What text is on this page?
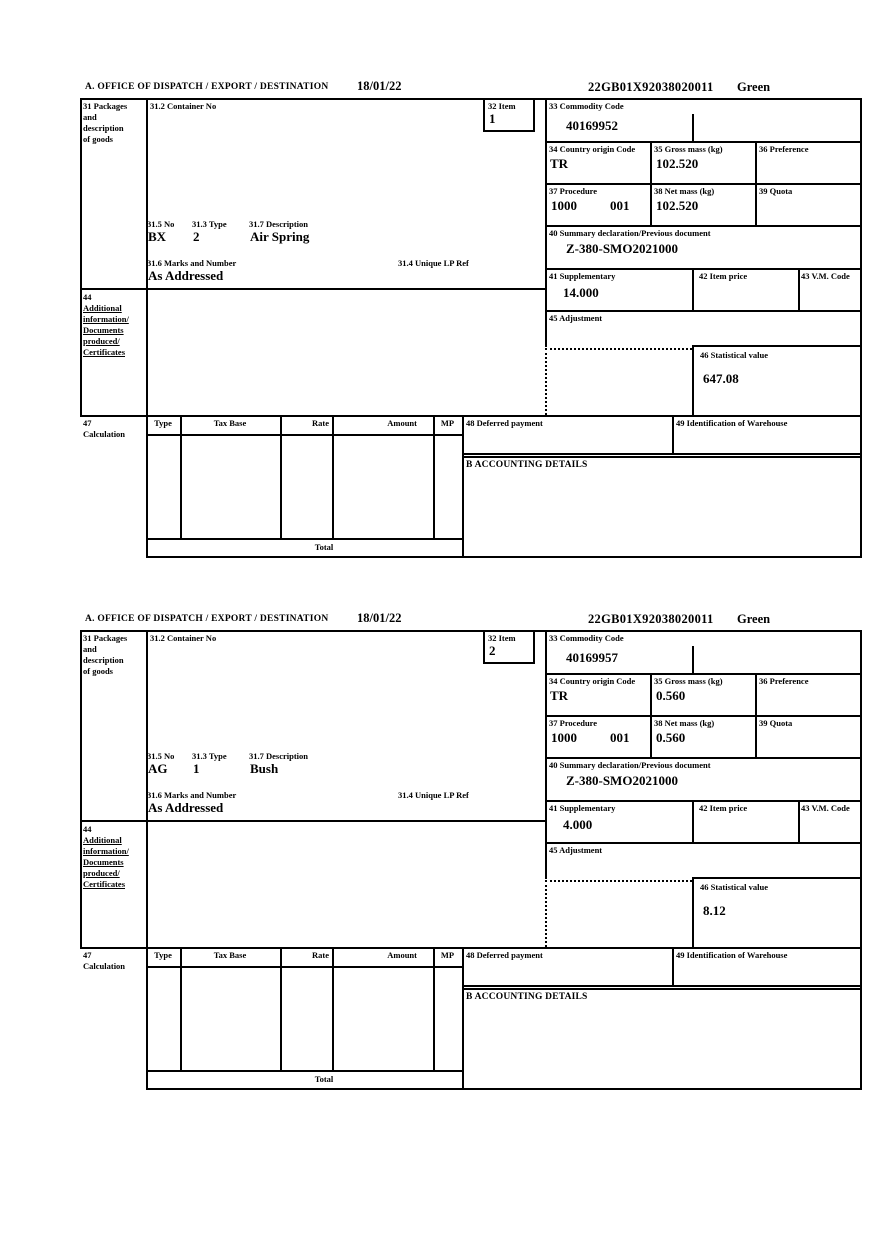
A. OFFICE OF DISPATCH / EXPORT / DESTINATION 18/01/22	22GB01X92038020011 Green
31 Packages
and
description
of goods
31.2 Container No	32 Item
1
33 Commodity Code
40169952
34 Country origin Code
TR
35 Gross mass (kg)
102.520
36 Preference
37 Procedure
1000	001
38 Net mass (kg)
102.520
39 Quota
40 Summary declaration/Previous document
Z-380-SMO2021000
31.5 No 31.3 Type	31.7 Description
BX 2	Air Spring
31.6 Marks and Number	31.4 Unique LP Ref
As Addressed
44
Additional
information/
Documents
produced/
Certificates
41 Supplementary
14.000
42 Item price	43 V.M. Code
45 Adjustment
46 Statistical value
647.08
47
Calculation
Type	Tax Base	Rate	Amount	MP
Total
48 Deferred payment	49 Identification of Warehouse
B ACCOUNTING DETAILS
A. OFFICE OF DISPATCH / EXPORT / DESTINATION 18/01/22	22GB01X92038020011 Green
31 Packages
and
description
of goods
31.2 Container No	32 Item
2
33 Commodity Code
40169957
34 Country origin Code
TR
35 Gross mass (kg)
0.560
36 Preference
37 Procedure
1000	001
38 Net mass (kg)
0.560
39 Quota
40 Summary declaration/Previous document
Z-380-SMO2021000
31.5 No 31.3 Type	31.7 Description
AG 1	Bush
31.6 Marks and Number	31.4 Unique LP Ref
As Addressed
44
Additional
information/
Documents
produced/
Certificates
41 Supplementary
4.000
42 Item price	43 V.M. Code
45 Adjustment
46 Statistical value
8.12
47
Calculation
Type	Tax Base	Rate	Amount	MP
Total
48 Deferred payment	49 Identification of Warehouse
B ACCOUNTING DETAILS
